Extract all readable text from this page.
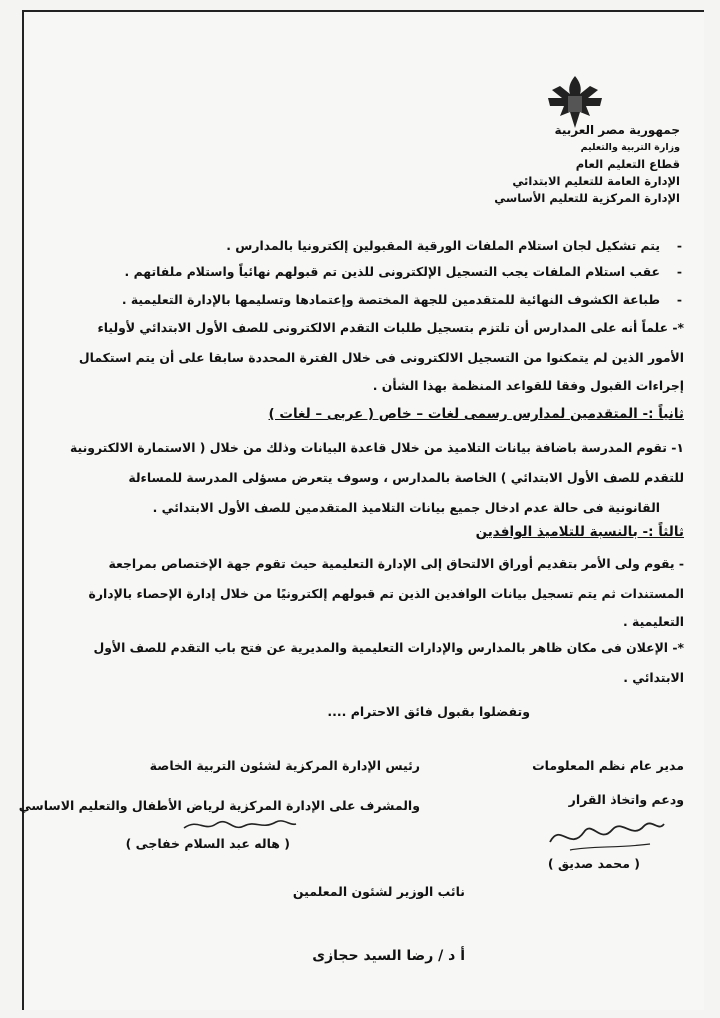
جمهورية مصر العربية
وزارة التربية والتعليم
قطاع التعليم العام
الإدارة العامة للتعليم الابتدائي
الإدارة المركزية للتعليم الأساسي
-
يتم تشكيل لجان استلام الملفات الورقية المقبولين إلكترونيا بالمدارس .
-
عقب استلام الملفات يجب التسجيل الإلكترونى للذين تم قبولهم نهائياً واستلام ملفاتهم .
-
طباعة الكشوف النهائية للمتقدمين للجهة المختصة وإعتمادها وتسليمها بالإدارة التعليمية .
*- علماً أنه على المدارس أن تلتزم بتسجيل طلبات التقدم الالكترونى للصف الأول الابتدائي لأولياء
الأمور الذين لم يتمكنوا من التسجيل الالكترونى فى خلال الفترة المحددة سابقا على أن يتم استكمال
إجراءات القبول وفقا للقواعد المنظمة بهذا الشأن .
ثانياً :- المتقدمين لمدارس رسمى لغات – خاص ( عربى – لغات )
١- تقوم المدرسة باضافة بيانات التلاميذ من خلال قاعدة البيانات وذلك من خلال ( الاستمارة الالكترونية
للتقدم للصف الأول الابتدائي ) الخاصة بالمدارس ، وسوف يتعرض مسؤلى المدرسة للمساءلة
القانونية فى حالة عدم ادخال جميع بيانات التلاميذ المتقدمين للصف الأول الابتدائي .
ثالثاً :- بالنسبة للتلاميذ الوافدين
- يقوم ولى الأمر بتقديم أوراق الالتحاق إلى الإدارة التعليمية حيث تقوم جهة الإختصاص بمراجعة
المستندات ثم يتم تسجيل بيانات الوافدين الذين تم قبولهم إلكترونيًا من خلال إدارة الإحصاء بالإدارة
التعليمية .
*- الإعلان فى مكان ظاهر بالمدارس والإدارات التعليمية والمديرية عن فتح باب التقدم للصف الأول
الابتدائي .
وتفضلوا بقبول فائق الاحترام ....
رئيس الإدارة المركزية لشئون التربية الخاصة
والمشرف على الإدارة المركزية لرياض الأطفال والتعليم الاساسي
( هاله عبد السلام خفاجى )
مدير عام نظم المعلومات
ودعم واتخاذ القرار
( محمد صديق )
نائب الوزير لشئون المعلمين
أ د / رضا السيد حجازى
